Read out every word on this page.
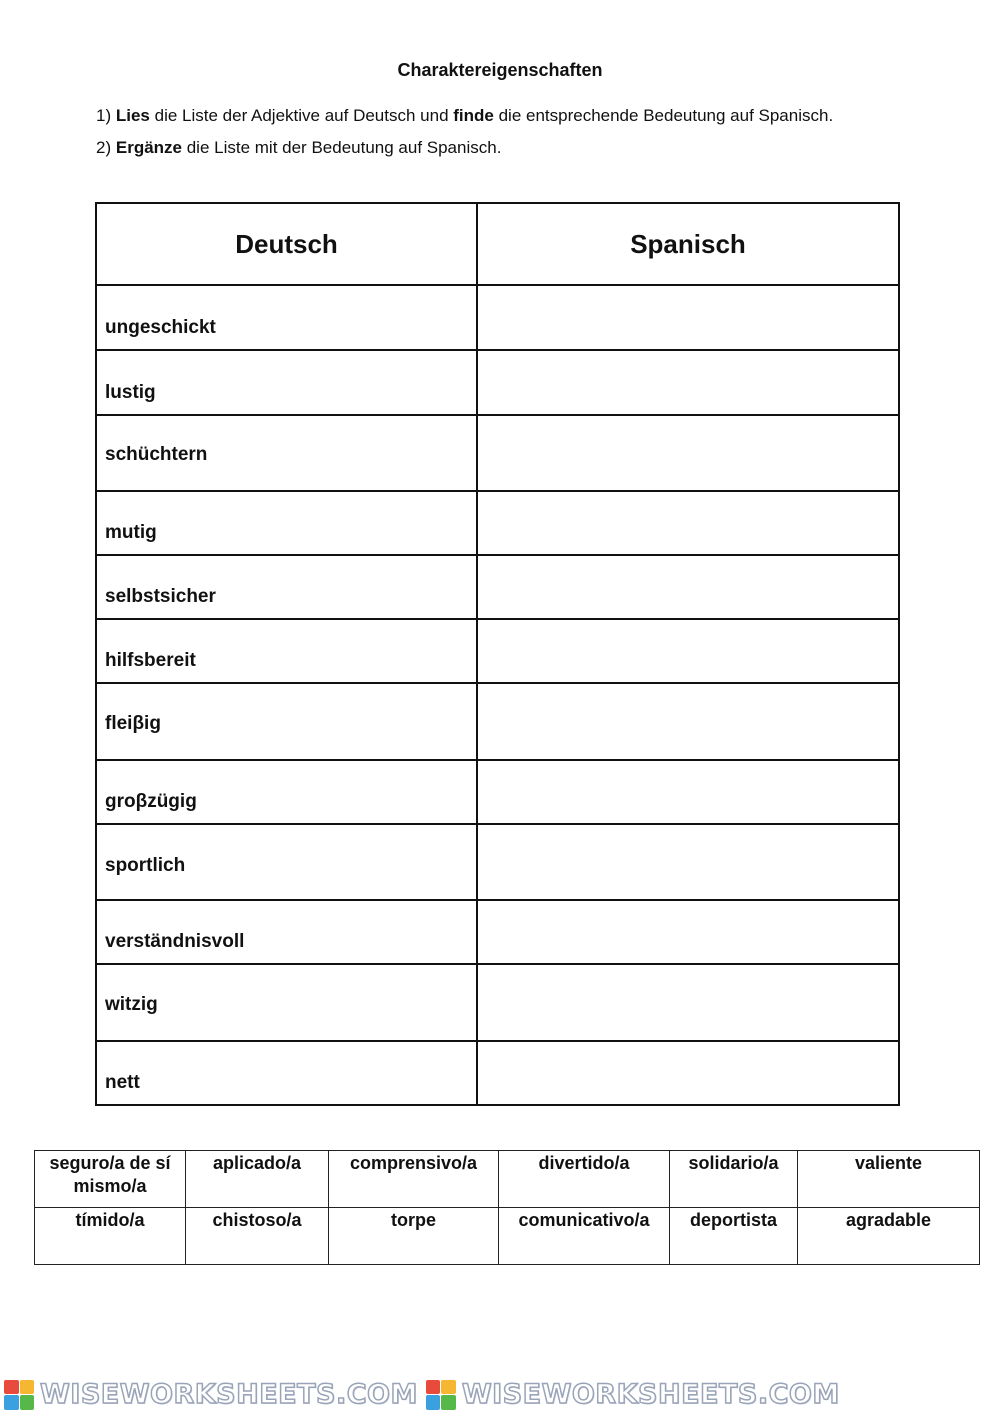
Charaktereigenschaften
1) Lies die Liste der Adjektive auf Deutsch und finde die entsprechende Bedeutung auf Spanisch.
2) Ergänze die Liste mit der Bedeutung auf Spanisch.
Deutsch	Spanisch
ungeschickt	
lustig	
schüchtern	
mutig	
selbstsicher	
hilfsbereit	
fleiβig	
groβzügig	
sportlich	
verständnisvoll	
witzig	
nett	
seguro/a de sí mismo/a	aplicado/a	comprensivo/a	divertido/a	solidario/a	valiente
tímido/a	chistoso/a	torpe	comunicativo/a	deportista	agradable
WISEWORKSHEETS.COM WISEWORKSHEETS.COM
